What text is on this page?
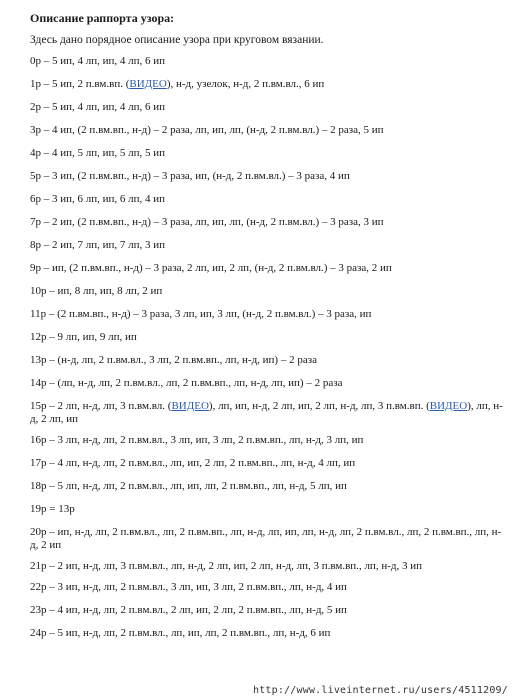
Описание раппорта узора:

Здесь дано порядное описание узора при круговом вязании.

0р – 5 ип, 4 лп, ип, 4 лп, 6 ип

1р – 5 ип, 2 п.вм.вп. (ВИДЕО), н-д, узелок, н-д, 2 п.вм.вл., 6 ип

2р – 5 ип, 4 лп, ип, 4 лп, 6 ип

3р – 4 ип, (2 п.вм.вп., н-д) – 2 раза, лп, ип, лп, (н-д, 2 п.вм.вл.) – 2 раза, 5 ип

4р – 4 ип, 5 лп, ип, 5 лп, 5 ип

5р – 3 ип, (2 п.вм.вп., н-д) – 3 раза, ип, (н-д, 2 п.вм.вл.) – 3 раза, 4 ип

6р – 3 ип, 6 лп, ип, 6 лп, 4 ип

7р – 2 ип, (2 п.вм.вп., н-д) – 3 раза, лп, ип, лп, (н-д, 2 п.вм.вл.) – 3 раза, 3 ип

8р – 2 ип, 7 лп, ип, 7 лп, 3 ип

9р – ип, (2 п.вм.вп., н-д) – 3 раза, 2 лп, ип, 2 лп, (н-д, 2 п.вм.вл.) – 3 раза, 2 ип

10р – ип, 8 лп, ип, 8 лп, 2 ип

11р – (2 п.вм.вп., н-д) – 3 раза, 3 лп, ип, 3 лп, (н-д, 2 п.вм.вл.) – 3 раза, ип

12р – 9 лп, ип, 9 лп, ип

13р – (н-д, лп, 2 п.вм.вл., 3 лп, 2 п.вм.вп., лп, н-д, ип) – 2 раза

14р – (лп, н-д, лп, 2 п.вм.вл., лп, 2 п.вм.вп., лп, н-д, лп, ип) – 2 раза

15р – 2 лп, н-д, лп, 3 п.вм.вл. (ВИДЕО), лп, ип, н-д, 2 лп, ип, 2 лп, н-д, лп, 3 п.вм.вп. (ВИДЕО), лп, н-д, 2 лп, ип

16р – 3 лп, н-д, лп, 2 п.вм.вл., 3 лп, ип, 3 лп, 2 п.вм.вп., лп, н-д, 3 лп, ип

17р – 4 лп, н-д, лп, 2 п.вм.вл., лп, ип, 2 лп, 2 п.вм.вп., лп, н-д, 4 лп, ип

18р – 5 лп, н-д, лп, 2 п.вм.вл., лп, ип, лп, 2 п.вм.вп., лп, н-д, 5 лп, ип

19р = 13р

20р – ип, н-д, лп, 2 п.вм.вл., лп, 2 п.вм.вп., лп, н-д, лп, ип, лп, н-д, лп, 2 п.вм.вл., лп, 2 п.вм.вп., лп, н-д, 2 ип

21р – 2 ип, н-д, лп, 3 п.вм.вл., лп, н-д, 2 лп, ип, 2 лп, н-д, лп, 3 п.вм.вп., лп, н-д, 3 ип

22р – 3 ип, н-д, лп, 2 п.вм.вл., 3 лп, ип, 3 лп, 2 п.вм.вп., лп, н-д, 4 ип

23р – 4 ип, н-д, лп, 2 п.вм.вл., 2 лп, ип, 2 лп, 2 п.вм.вп., лп, н-д, 5 ип

24р – 5 ип, н-д, лп, 2 п.вм.вл., лп, ип, лп, 2 п.вм.вп., лп, н-д, 6 ип

http://www.liveinternet.ru/users/4511209/
